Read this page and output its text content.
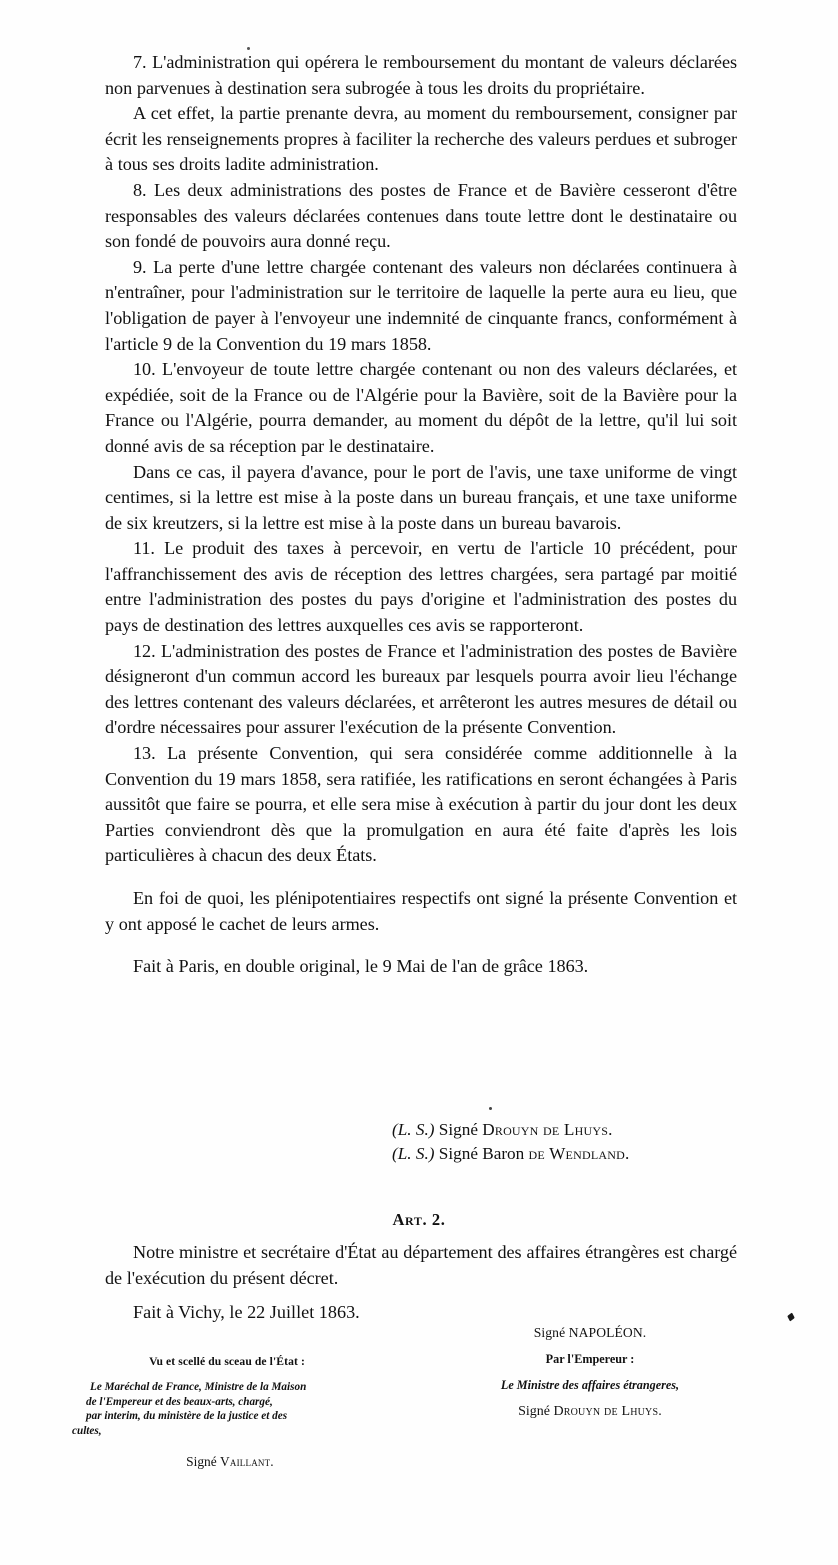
7. L'administration qui opérera le remboursement du montant de valeurs déclarées non parvenues à destination sera subrogée à tous les droits du propriétaire.

A cet effet, la partie prenante devra, au moment du remboursement, consigner par écrit les renseignements propres à faciliter la recherche des valeurs perdues et subroger à tous ses droits ladite administration.

8. Les deux administrations des postes de France et de Bavière cesseront d'être responsables des valeurs déclarées contenues dans toute lettre dont le destinataire ou son fondé de pouvoirs aura donné reçu.

9. La perte d'une lettre chargée contenant des valeurs non déclarées continuera à n'entraîner, pour l'administration sur le territoire de laquelle la perte aura eu lieu, que l'obligation de payer à l'envoyeur une indemnité de cinquante francs, conformément à l'article 9 de la Convention du 19 mars 1858.

10. L'envoyeur de toute lettre chargée contenant ou non des valeurs déclarées, et expédiée, soit de la France ou de l'Algérie pour la Bavière, soit de la Bavière pour la France ou l'Algérie, pourra demander, au moment du dépôt de la lettre, qu'il lui soit donné avis de sa réception par le destinataire.

Dans ce cas, il payera d'avance, pour le port de l'avis, une taxe uniforme de vingt centimes, si la lettre est mise à la poste dans un bureau français, et une taxe uniforme de six kreutzers, si la lettre est mise à la poste dans un bureau bavarois.

11. Le produit des taxes à percevoir, en vertu de l'article 10 précédent, pour l'affranchissement des avis de réception des lettres chargées, sera partagé par moitié entre l'administration des postes du pays d'origine et l'administration des postes du pays de destination des lettres auxquelles ces avis se rapporteront.

12. L'administration des postes de France et l'administration des postes de Bavière désigneront d'un commun accord les bureaux par lesquels pourra avoir lieu l'échange des lettres contenant des valeurs déclarées, et arrêteront les autres mesures de détail ou d'ordre nécessaires pour assurer l'exécution de la présente Convention.

13. La présente Convention, qui sera considérée comme additionnelle à la Convention du 19 mars 1858, sera ratifiée, les ratifications en seront échangées à Paris aussitôt que faire se pourra, et elle sera mise à exécution à partir du jour dont les deux Parties conviendront dès que la promulgation en aura été faite d'après les lois particulières à chacun des deux États.

En foi de quoi, les plénipotentiaires respectifs ont signé la présente Convention et y ont apposé le cachet de leurs armes.

Fait à Paris, en double original, le 9 Mai de l'an de grâce 1863.

(L. S.) Signé Drouyn de Lhuys.
(L. S.) Signé Baron de Wendland.
Art. 2.

Notre ministre et secrétaire d'État au département des affaires étrangères est chargé de l'exécution du présent décret.

Fait à Vichy, le 22 Juillet 1863.
Vu et scellé du sceau de l'État :
Le Maréchal de France, Ministre de la Maison
de l'Empereur et des beaux-arts, chargé,
par interim, du ministère de la justice et des
cultes,
Signé Vaillant.
Signé NAPOLÉON.
Par l'Empereur :
Le Ministre des affaires étrangeres,
Signé Drouyn de Lhuys.
